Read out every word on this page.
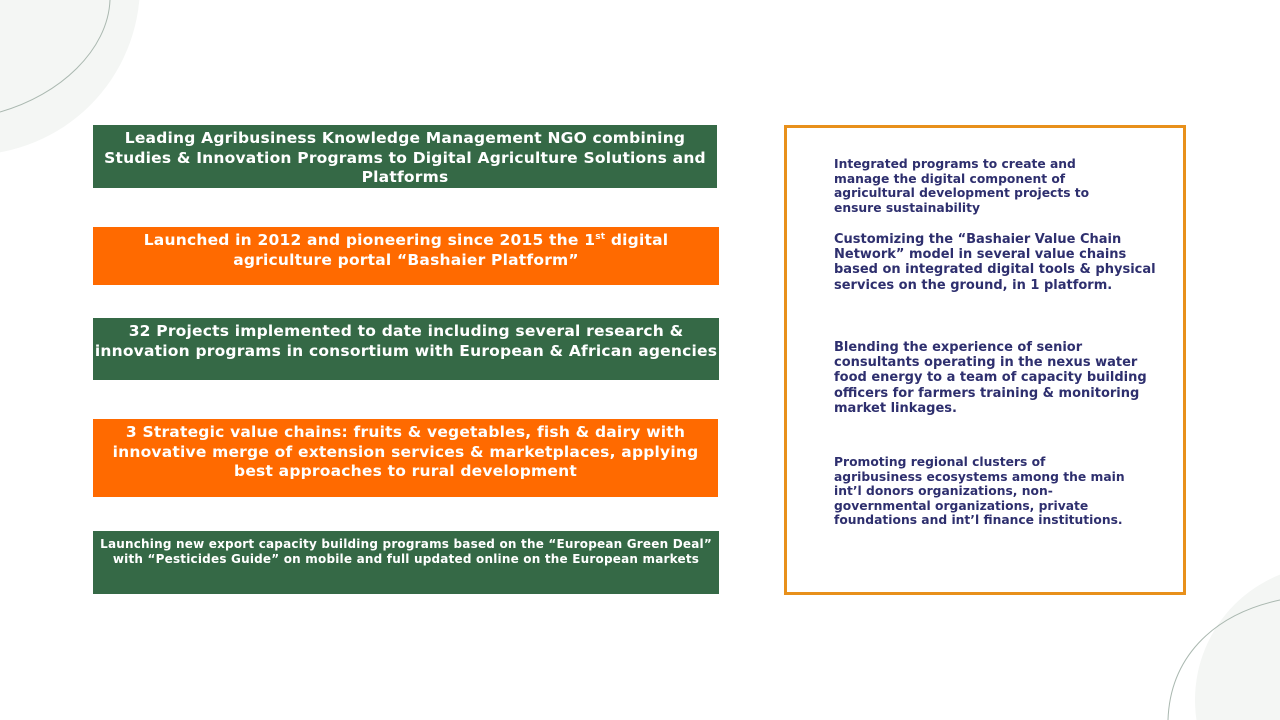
Leading Agribusiness Knowledge Management NGO combining Studies & Innovation Programs to Digital Agriculture Solutions and Platforms
Launched in 2012 and pioneering since 2015 the 1st digital agriculture portal “Bashaier Platform”
32 Projects implemented to date including several research & innovation programs in consortium with European & African agencies
3 Strategic value chains: fruits & vegetables, fish & dairy with innovative merge of extension services & marketplaces, applying best approaches to rural development
Launching new export capacity building programs based on the “European Green Deal” with “Pesticides Guide” on mobile and full updated online on the European markets
Integrated programs to create and manage the digital component of agricultural development projects to ensure sustainability
Customizing the “Bashaier Value Chain Network” model in several value chains based on integrated digital tools & physical services on the ground, in 1 platform.
Blending the experience of senior consultants operating in the nexus water food energy to a team of capacity building officers for farmers training & monitoring market linkages.
Promoting regional clusters of agribusiness ecosystems among the main int’l donors organizations, non-governmental organizations, private foundations and int’l finance institutions.
